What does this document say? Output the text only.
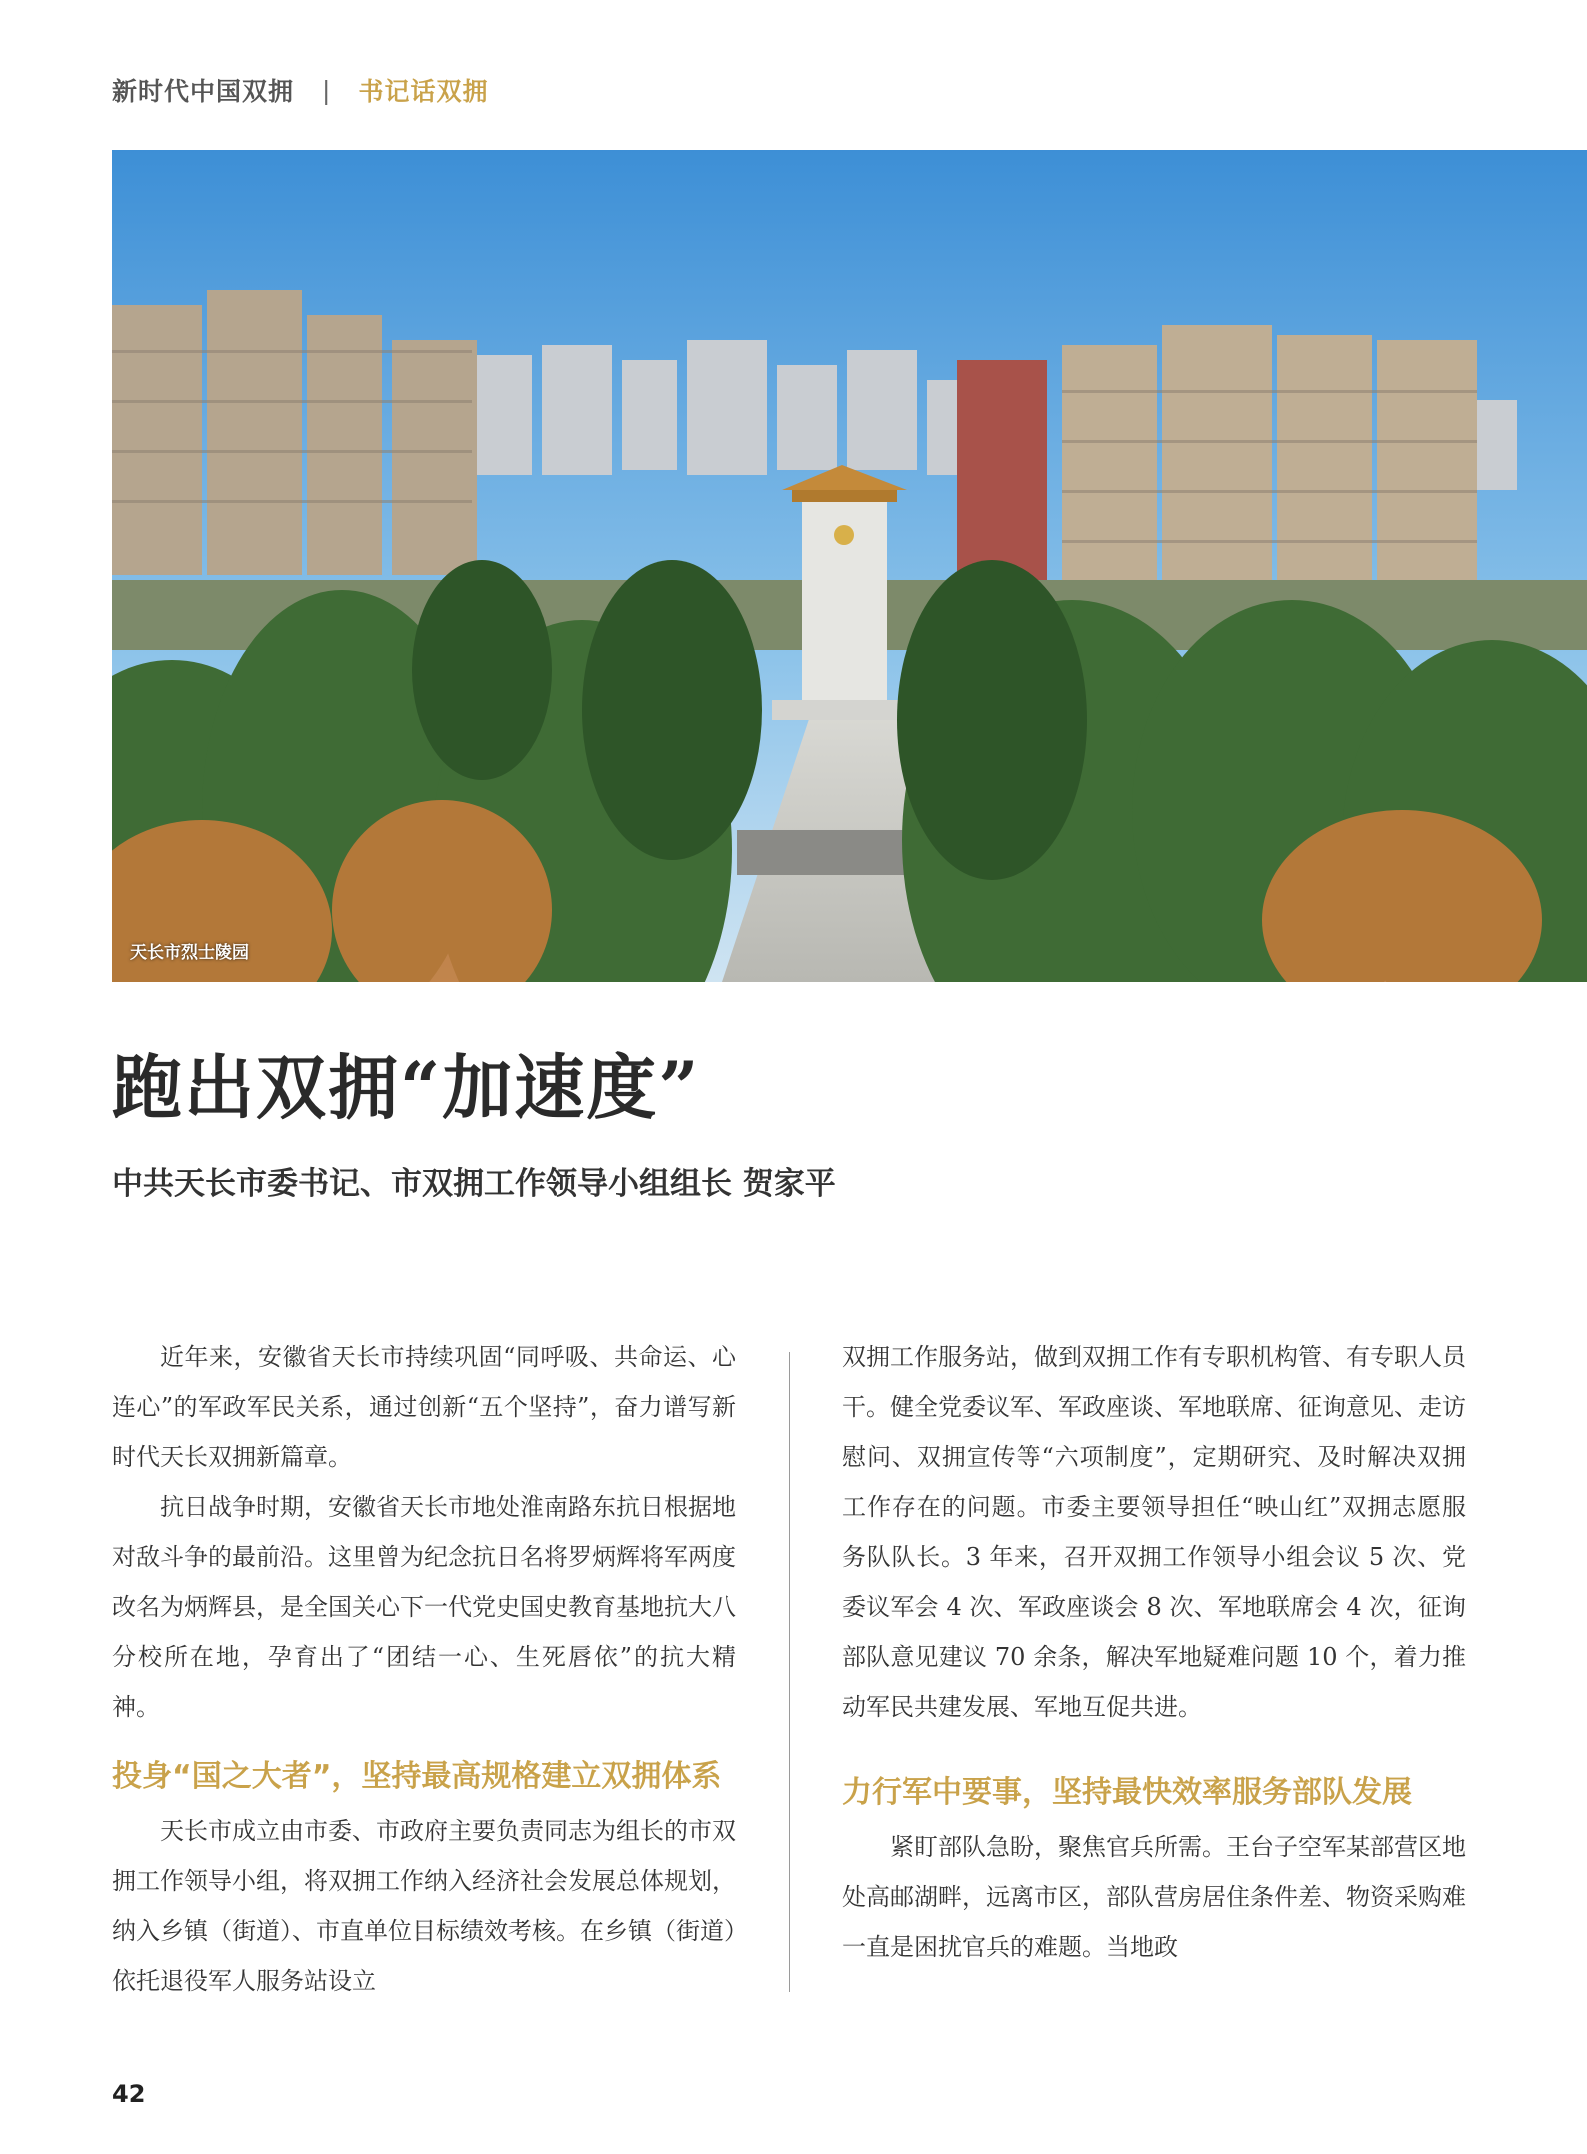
新时代中国双拥 | 书记话双拥
天长市烈士陵园
跑出双拥“加速度”

中共天长市委书记、市双拥工作领导小组组长 贺家平

近年来，安徽省天长市持续巩固“同呼吸、共命运、心连心”的军政军民关系，通过创新“五个坚持”，奋力谱写新时代天长双拥新篇章。

抗日战争时期，安徽省天长市地处淮南路东抗日根据地对敌斗争的最前沿。这里曾为纪念抗日名将罗炳辉将军两度改名为炳辉县，是全国关心下一代党史国史教育基地抗大八分校所在地，孕育出了“团结一心、生死唇依”的抗大精神。

投身“国之大者”，坚持最高规格建立双拥体系

天长市成立由市委、市政府主要负责同志为组长的市双拥工作领导小组，将双拥工作纳入经济社会发展总体规划，纳入乡镇（街道）、市直单位目标绩效考核。在乡镇（街道）依托退役军人服务站设立

双拥工作服务站，做到双拥工作有专职机构管、有专职人员干。健全党委议军、军政座谈、军地联席、征询意见、走访慰问、双拥宣传等“六项制度”，定期研究、及时解决双拥工作存在的问题。市委主要领导担任“映山红”双拥志愿服务队队长。3 年来，召开双拥工作领导小组会议 5 次、党委议军会 4 次、军政座谈会 8 次、军地联席会 4 次，征询部队意见建议 70 余条，解决军地疑难问题 10 个，着力推动军民共建发展、军地互促共进。

力行军中要事，坚持最快效率服务部队发展

紧盯部队急盼，聚焦官兵所需。王台子空军某部营区地处高邮湖畔，远离市区，部队营房居住条件差、物资采购难一直是困扰官兵的难题。当地政

42
